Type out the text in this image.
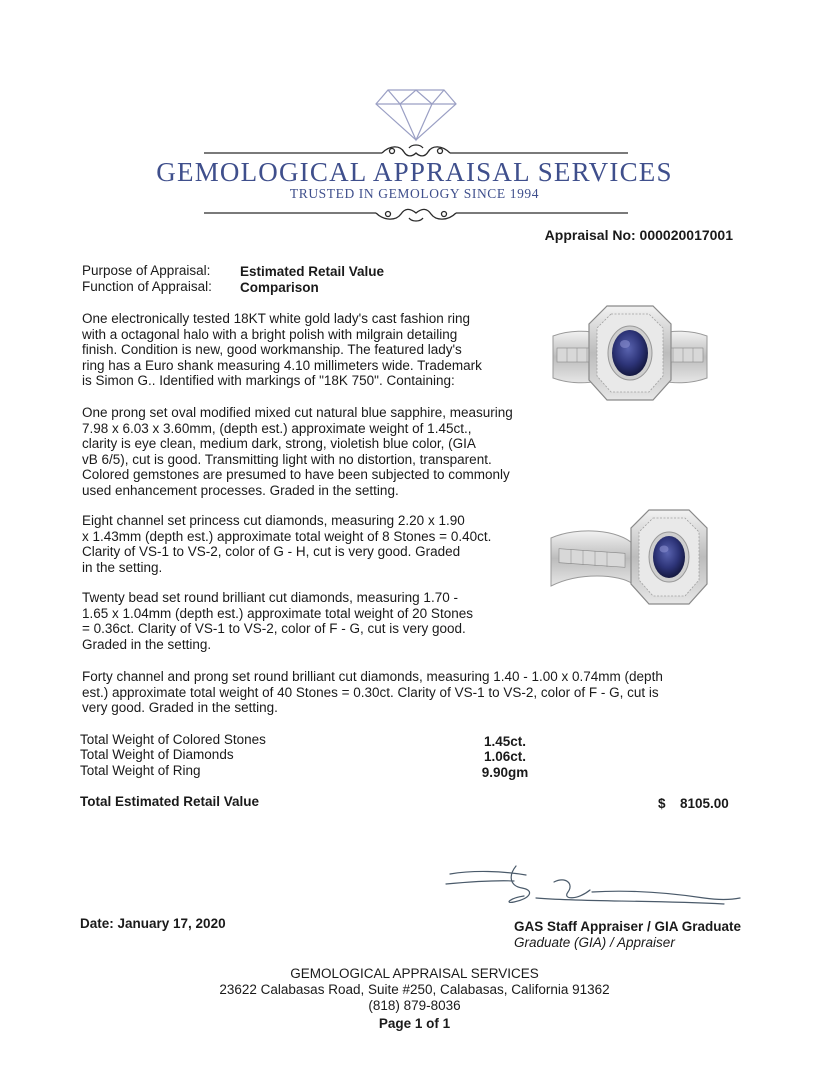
GEMOLOGICAL APPRAISAL SERVICES
TRUSTED IN GEMOLOGY SINCE 1994
Appraisal No: 000020017001
Purpose of Appraisal: Estimated Retail Value
Function of Appraisal: Comparison
One electronically tested 18KT white gold lady's cast fashion ring
with a octagonal halo with a bright polish with milgrain detailing
finish. Condition is new, good workmanship. The featured lady's
ring has a Euro shank measuring 4.10 millimeters wide. Trademark
is Simon G.. Identified with markings of "18K 750". Containing:
One prong set oval modified mixed cut natural blue sapphire, measuring
7.98 x 6.03 x 3.60mm, (depth est.) approximate weight of 1.45ct.,
clarity is eye clean, medium dark, strong, violetish blue color, (GIA
vB 6/5), cut is good. Transmitting light with no distortion, transparent.
Colored gemstones are presumed to have been subjected to commonly
used enhancement processes. Graded in the setting.
Eight channel set princess cut diamonds, measuring 2.20 x 1.90
x 1.43mm (depth est.) approximate total weight of 8 Stones = 0.40ct.
Clarity of VS-1 to VS-2, color of G - H, cut is very good. Graded
in the setting.
Twenty bead set round brilliant cut diamonds, measuring 1.70 -
1.65 x 1.04mm (depth est.) approximate total weight of 20 Stones
= 0.36ct. Clarity of VS-1 to VS-2, color of F - G, cut is very good.
Graded in the setting.
Forty channel and prong set round brilliant cut diamonds, measuring 1.40 - 1.00 x 0.74mm (depth
est.) approximate total weight of 40 Stones = 0.30ct. Clarity of VS-1 to VS-2, color of F - G, cut is
very good. Graded in the setting.
Total Weight of Colored Stones	1.45ct.
Total Weight of Diamonds	1.06ct.
Total Weight of Ring	9.90gm
Total Estimated Retail Value	$ 8105.00
Date: January 17, 2020	GAS Staff Appraiser / GIA Graduate
Graduate (GIA) / Appraiser
GEMOLOGICAL APPRAISAL SERVICES
23622 Calabasas Road, Suite #250, Calabasas, California 91362
(818) 879-8036
Page 1 of 1
